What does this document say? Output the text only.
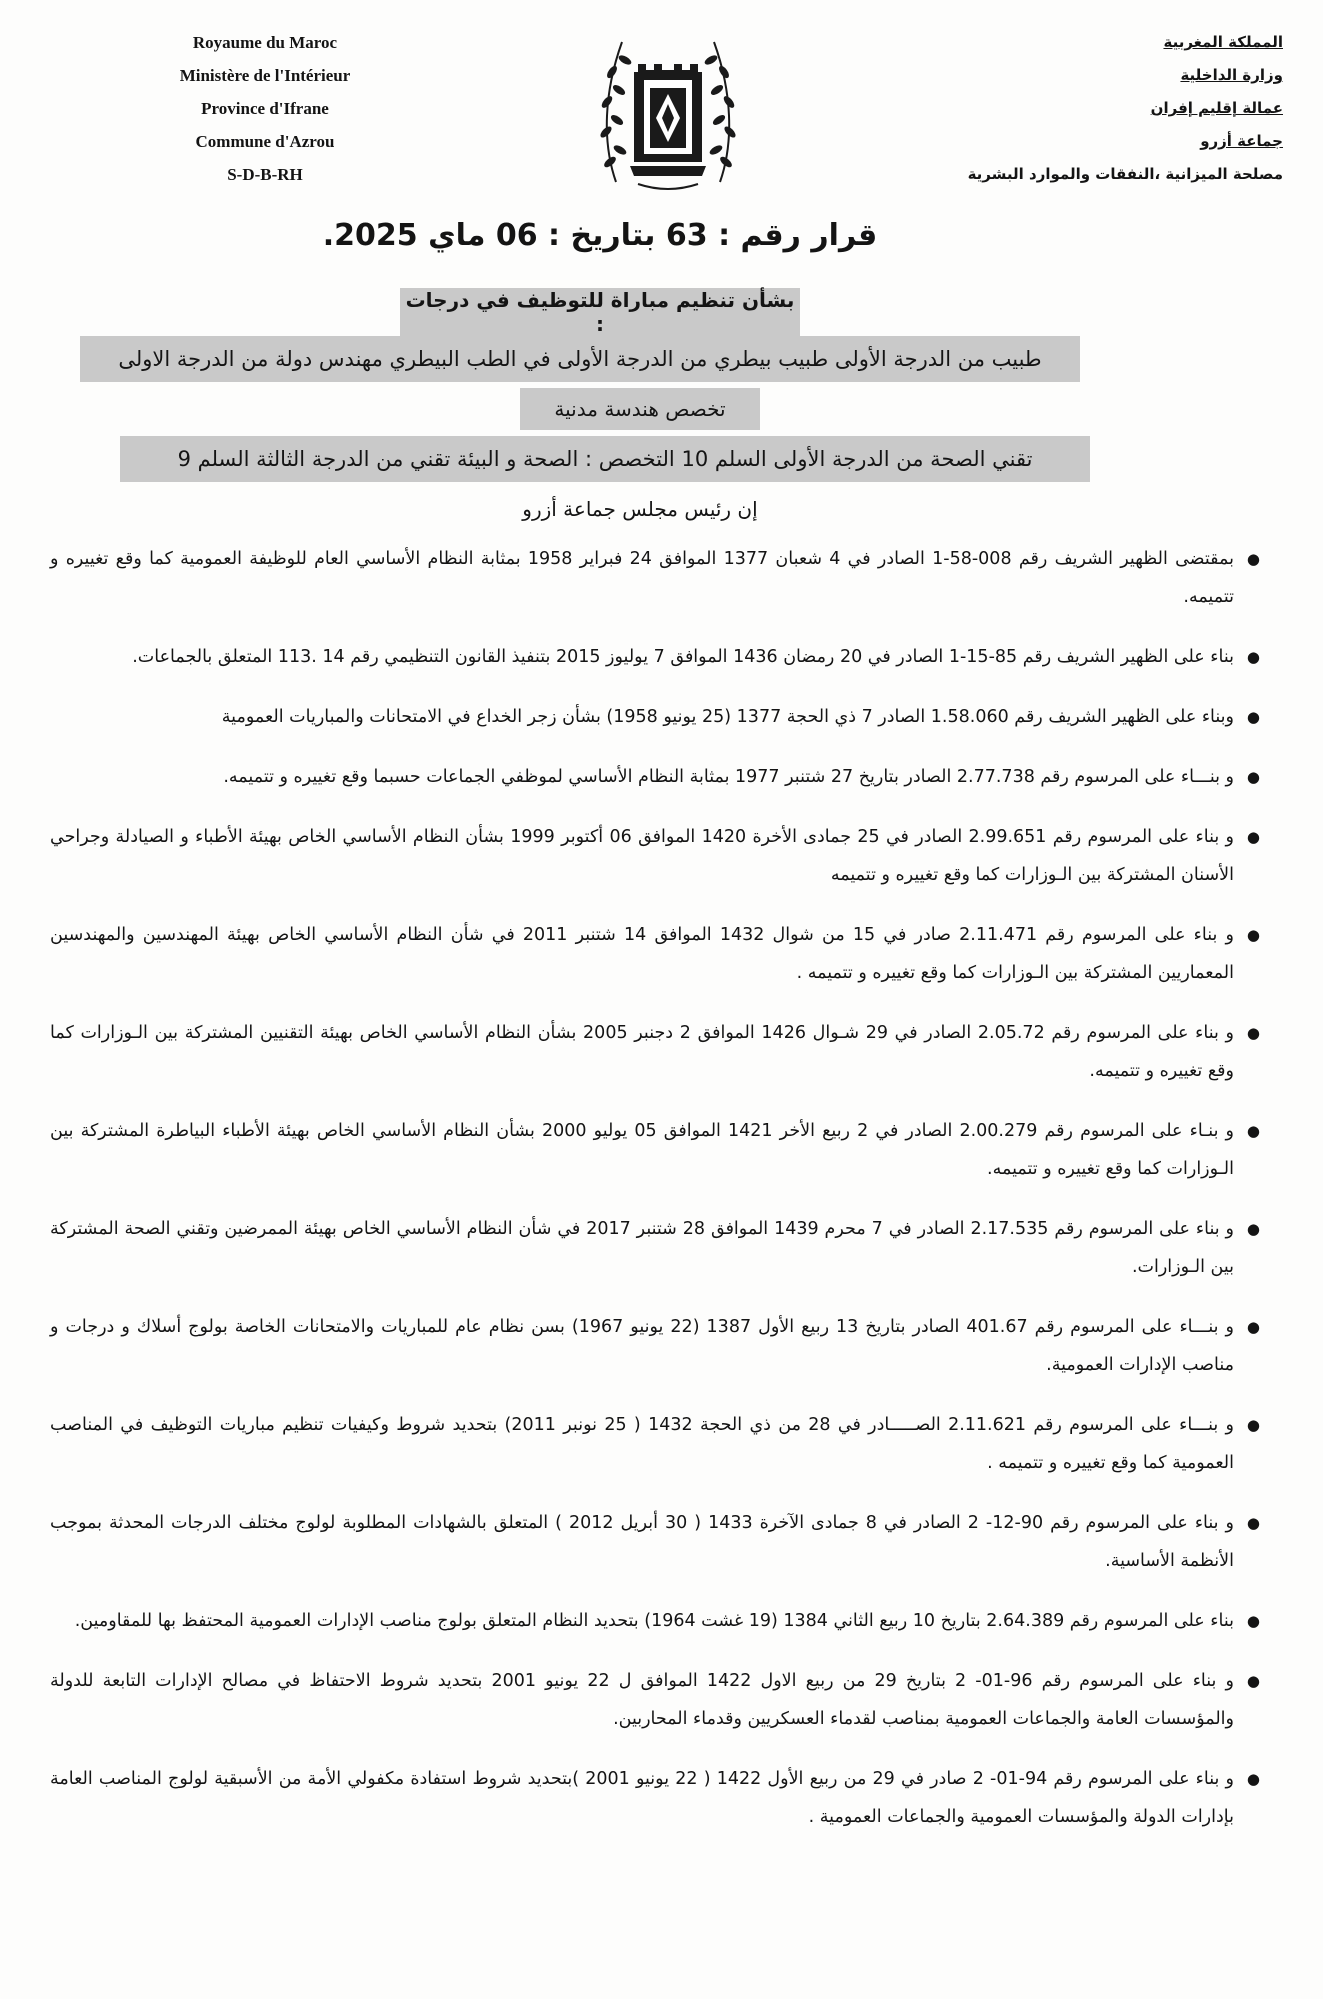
Royaume du Maroc
Ministère de l'Intérieur
Province d'Ifrane
Commune d'Azrou
S-D-B-RH
المملكة المغربية
وزارة الداخلية
عمالة إقليم إفران
جماعة أزرو
مصلحة الميزانية ،النفقات والموارد البشرية
قرار رقم : 63 بتاريخ : 06 ماي 2025.
بشأن تنظيم مباراة للتوظيف في درجات :
طبيب من الدرجة الأولى طبيب بيطري من الدرجة الأولى في الطب البيطري مهندس دولة من الدرجة الاولى
تخصص هندسة مدنية
تقني الصحة من الدرجة الأولى السلم 10 التخصص : الصحة و البيئة تقني من الدرجة الثالثة السلم 9
إن رئيس مجلس جماعة أزرو
●
بمقتضى الظهير الشريف رقم 008-58-1 الصادر في 4 شعبان 1377 الموافق 24 فبراير 1958 بمثابة النظام الأساسي العام للوظيفة العمومية كما وقع تغييره و تتميمه.
●
بناء على الظهير الشريف رقم 85-15-1 الصادر في 20 رمضان 1436 الموافق 7 يوليوز 2015 بتنفيذ القانون التنظيمي رقم 14 .113 المتعلق بالجماعات.
●
وبناء على الظهير الشريف رقم 1.58.060 الصادر 7 ذي الحجة 1377 (25 يونيو 1958) بشأن زجر الخداع في الامتحانات والمباريات العمومية
●
و بنـــاء على المرسوم رقم 2.77.738 الصادر بتاريخ 27 شتنبر 1977 بمثابة النظام الأساسي لموظفي الجماعات حسبما وقع تغييره و تتميمه.
●
و بناء على المرسوم رقم 2.99.651 الصادر في 25 جمادى الأخرة 1420 الموافق 06 أكتوبر 1999 بشأن النظام الأساسي الخاص بهيئة الأطباء و الصيادلة وجراحي الأسنان المشتركة بين الـوزارات كما وقع تغييره و تتميمه
●
و بناء على المرسوم رقم 2.11.471 صادر في 15 من شوال 1432 الموافق 14 شتنبر 2011 في شأن النظام الأساسي الخاص بهيئة المهندسين والمهندسين المعماريين المشتركة بين الـوزارات كما وقع تغييره و تتميمه .
●
و بناء على المرسوم رقم 2.05.72 الصادر في 29 شـوال 1426 الموافق 2 دجنبر 2005 بشأن النظام الأساسي الخاص بهيئة التقنيين المشتركة بين الـوزارات كما وقع تغييره و تتميمه.
●
و بنـاء على المرسوم رقم 2.00.279 الصادر في 2 ربيع الأخر 1421 الموافق 05 يوليو 2000 بشأن النظام الأساسي الخاص بهيئة الأطباء البياطرة المشتركة بين الـوزارات كما وقع تغييره و تتميمه.
●
و بناء على المرسوم رقم 2.17.535 الصادر في 7 محرم 1439 الموافق 28 شتنبر 2017 في شأن النظام الأساسي الخاص بهيئة الممرضين وتقني الصحة المشتركة بين الـوزارات.
●
و بنـــاء على المرسوم رقم 401.67 الصادر بتاريخ 13 ربيع الأول 1387 (22 يونيو 1967) بسن نظام عام للمباريات والامتحانات الخاصة بولوج أسلاك و درجات و مناصب الإدارات العمومية.
●
و بنـــاء على المرسوم رقم 2.11.621 الصـــــادر في 28 من ذي الحجة 1432 ( 25 نونبر 2011) بتحديد شروط وكيفيات تنظيم مباريات التوظيف في المناصب العمومية كما وقع تغييره و تتميمه .
●
و بناء على المرسوم رقم 90-12- 2 الصادر في 8 جمادى الآخرة 1433 ( 30 أبريل 2012 ) المتعلق بالشهادات المطلوبة لولوج مختلف الدرجات المحدثة بموجب الأنظمة الأساسية.
●
بناء على المرسوم رقم 2.64.389 بتاريخ 10 ربيع الثاني 1384 (19 غشت 1964) بتحديد النظام المتعلق بولوج مناصب الإدارات العمومية المحتفظ بها للمقاومين.
●
و بناء على المرسوم رقم 96-01- 2 بتاريخ 29 من ربيع الاول 1422 الموافق ل 22 يونيو 2001 بتحديد شروط الاحتفاظ في مصالح الإدارات التابعة للدولة والمؤسسات العامة والجماعات العمومية بمناصب لقدماء العسكريين وقدماء المحاربين.
●
و بناء على المرسوم رقم 94-01- 2 صادر في 29 من ربيع الأول 1422 ( 22 يونيو 2001 )بتحديد شروط استفادة مكفولي الأمة من الأسبقية لولوج المناصب العامة بإدارات الدولة والمؤسسات العمومية والجماعات العمومية .
